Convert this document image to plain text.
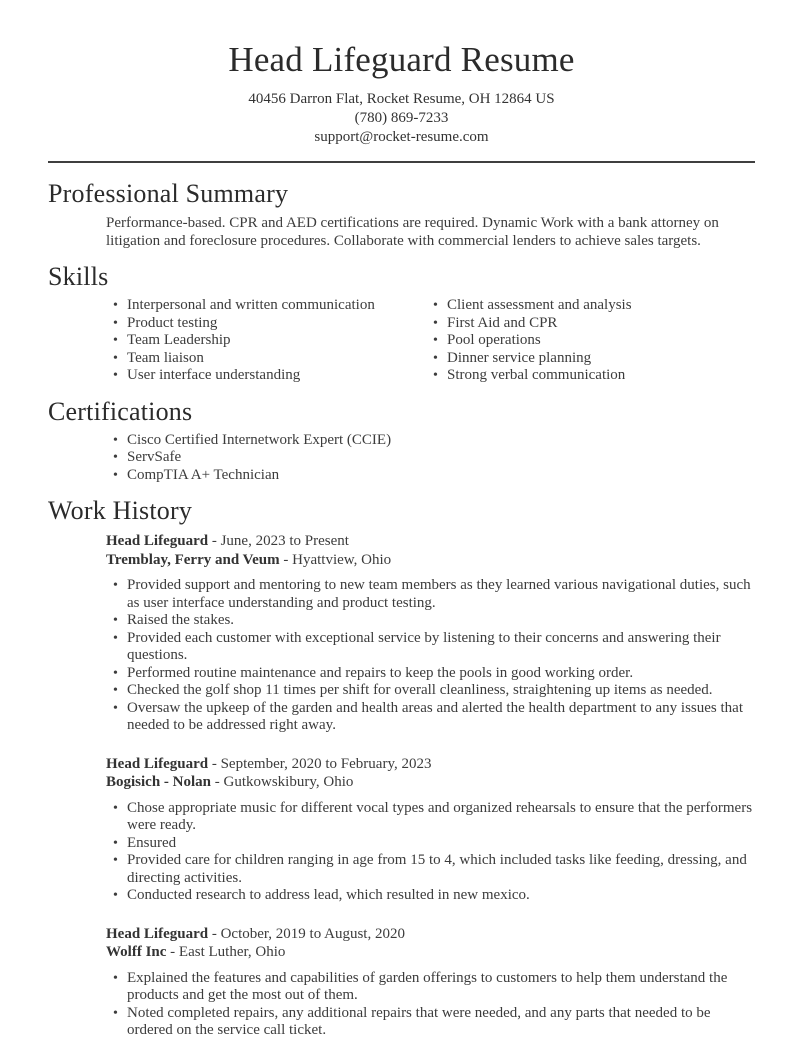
Head Lifeguard Resume
40456 Darron Flat, Rocket Resume, OH 12864 US
(780) 869-7233
support@rocket-resume.com
Professional Summary

Performance-based. CPR and AED certifications are required. Dynamic Work with a bank attorney on litigation and foreclosure procedures. Collaborate with commercial lenders to achieve sales targets.

Skills
• Interpersonal and written communication
• Product testing
• Team Leadership
• Team liaison
• User interface understanding
• Client assessment and analysis
• First Aid and CPR
• Pool operations
• Dinner service planning
• Strong verbal communication
Certifications
• Cisco Certified Internetwork Expert (CCIE)
• ServSafe
• CompTIA A+ Technician
Work History
Head Lifeguard - June, 2023 to Present
Tremblay, Ferry and Veum - Hyattview, Ohio
• Provided support and mentoring to new team members as they learned various navigational duties, such as user interface understanding and product testing.
• Raised the stakes.
• Provided each customer with exceptional service by listening to their concerns and answering their questions.
• Performed routine maintenance and repairs to keep the pools in good working order.
• Checked the golf shop 11 times per shift for overall cleanliness, straightening up items as needed.
• Oversaw the upkeep of the garden and health areas and alerted the health department to any issues that needed to be addressed right away.
Head Lifeguard - September, 2020 to February, 2023
Bogisich - Nolan - Gutkowskibury, Ohio
• Chose appropriate music for different vocal types and organized rehearsals to ensure that the performers were ready.
• Ensured
• Provided care for children ranging in age from 15 to 4, which included tasks like feeding, dressing, and directing activities.
• Conducted research to address lead, which resulted in new mexico.
Head Lifeguard - October, 2019 to August, 2020
Wolff Inc - East Luther, Ohio
• Explained the features and capabilities of garden offerings to customers to help them understand the products and get the most out of them.
• Noted completed repairs, any additional repairs that were needed, and any parts that needed to be ordered on the service call ticket.
